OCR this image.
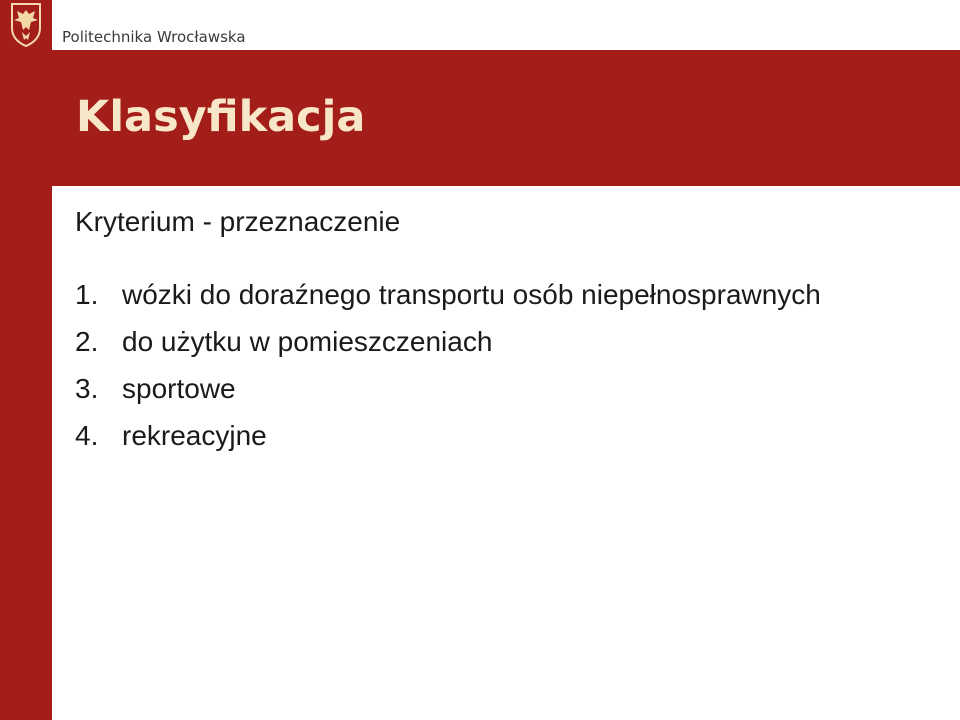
Politechnika Wrocławska
Klasyfikacja
Kryterium - przeznaczenie
1. wózki do doraźnego transportu osób niepełnosprawnych
2. do użytku w pomieszczeniach
3. sportowe
4. rekreacyjne
